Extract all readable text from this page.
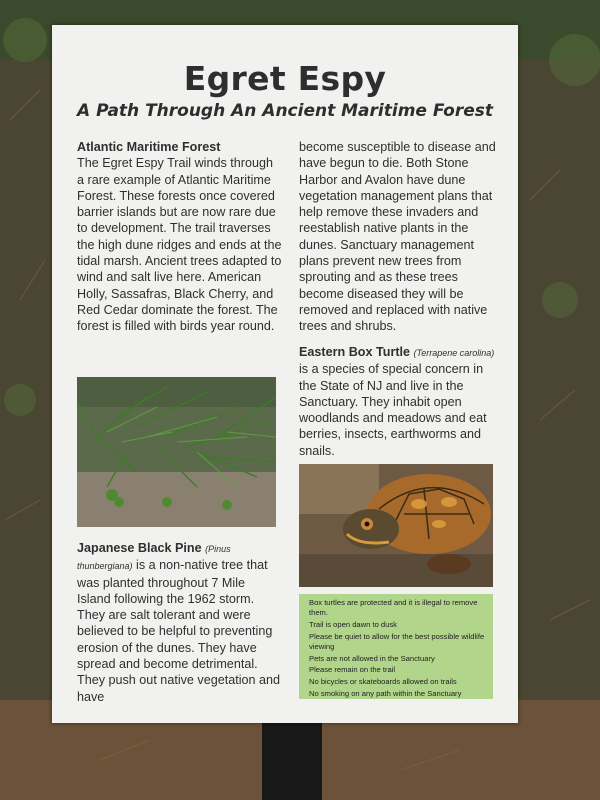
Egret Espy
A Path Through An Ancient Maritime Forest

Atlantic Maritime Forest

The Egret Espy Trail winds through a rare example of Atlantic Maritime Forest. These forests once covered barrier islands but are now rare due to development. The trail traverses the high dune ridges and ends at the tidal marsh. Ancient trees adapted to wind and salt live here. American Holly, Sassafras, Black Cherry, and Red Cedar dominate the forest. The forest is filled with birds year round.

Japanese Black Pine (Pinus thunbergiana) is a non-native tree that was planted throughout 7 Mile Island following the 1962 storm. They are salt tolerant and were believed to be helpful to preventing erosion of the dunes. They have spread and become detrimental. They push out native vegetation and have

become susceptible to disease and have begun to die. Both Stone Harbor and Avalon have dune vegetation management plans that help remove these invaders and reestablish native plants in the dunes. Sanctuary management plans prevent new trees from sprouting and as these trees become diseased they will be removed and replaced with native trees and shrubs.

Eastern Box Turtle (Terrapene carolina) is a species of special concern in the State of NJ and live in the Sanctuary. They inhabit open woodlands and meadows and eat berries, insects, earthworms and snails.

Box turtles are protected and it is illegal to remove them.
Trail is open dawn to dusk
Please be quiet to allow for the best possible wildlife viewing
Pets are not allowed in the Sanctuary
Please remain on the trail
No bicycles or skateboards allowed on trails
No smoking on any path within the Sanctuary
